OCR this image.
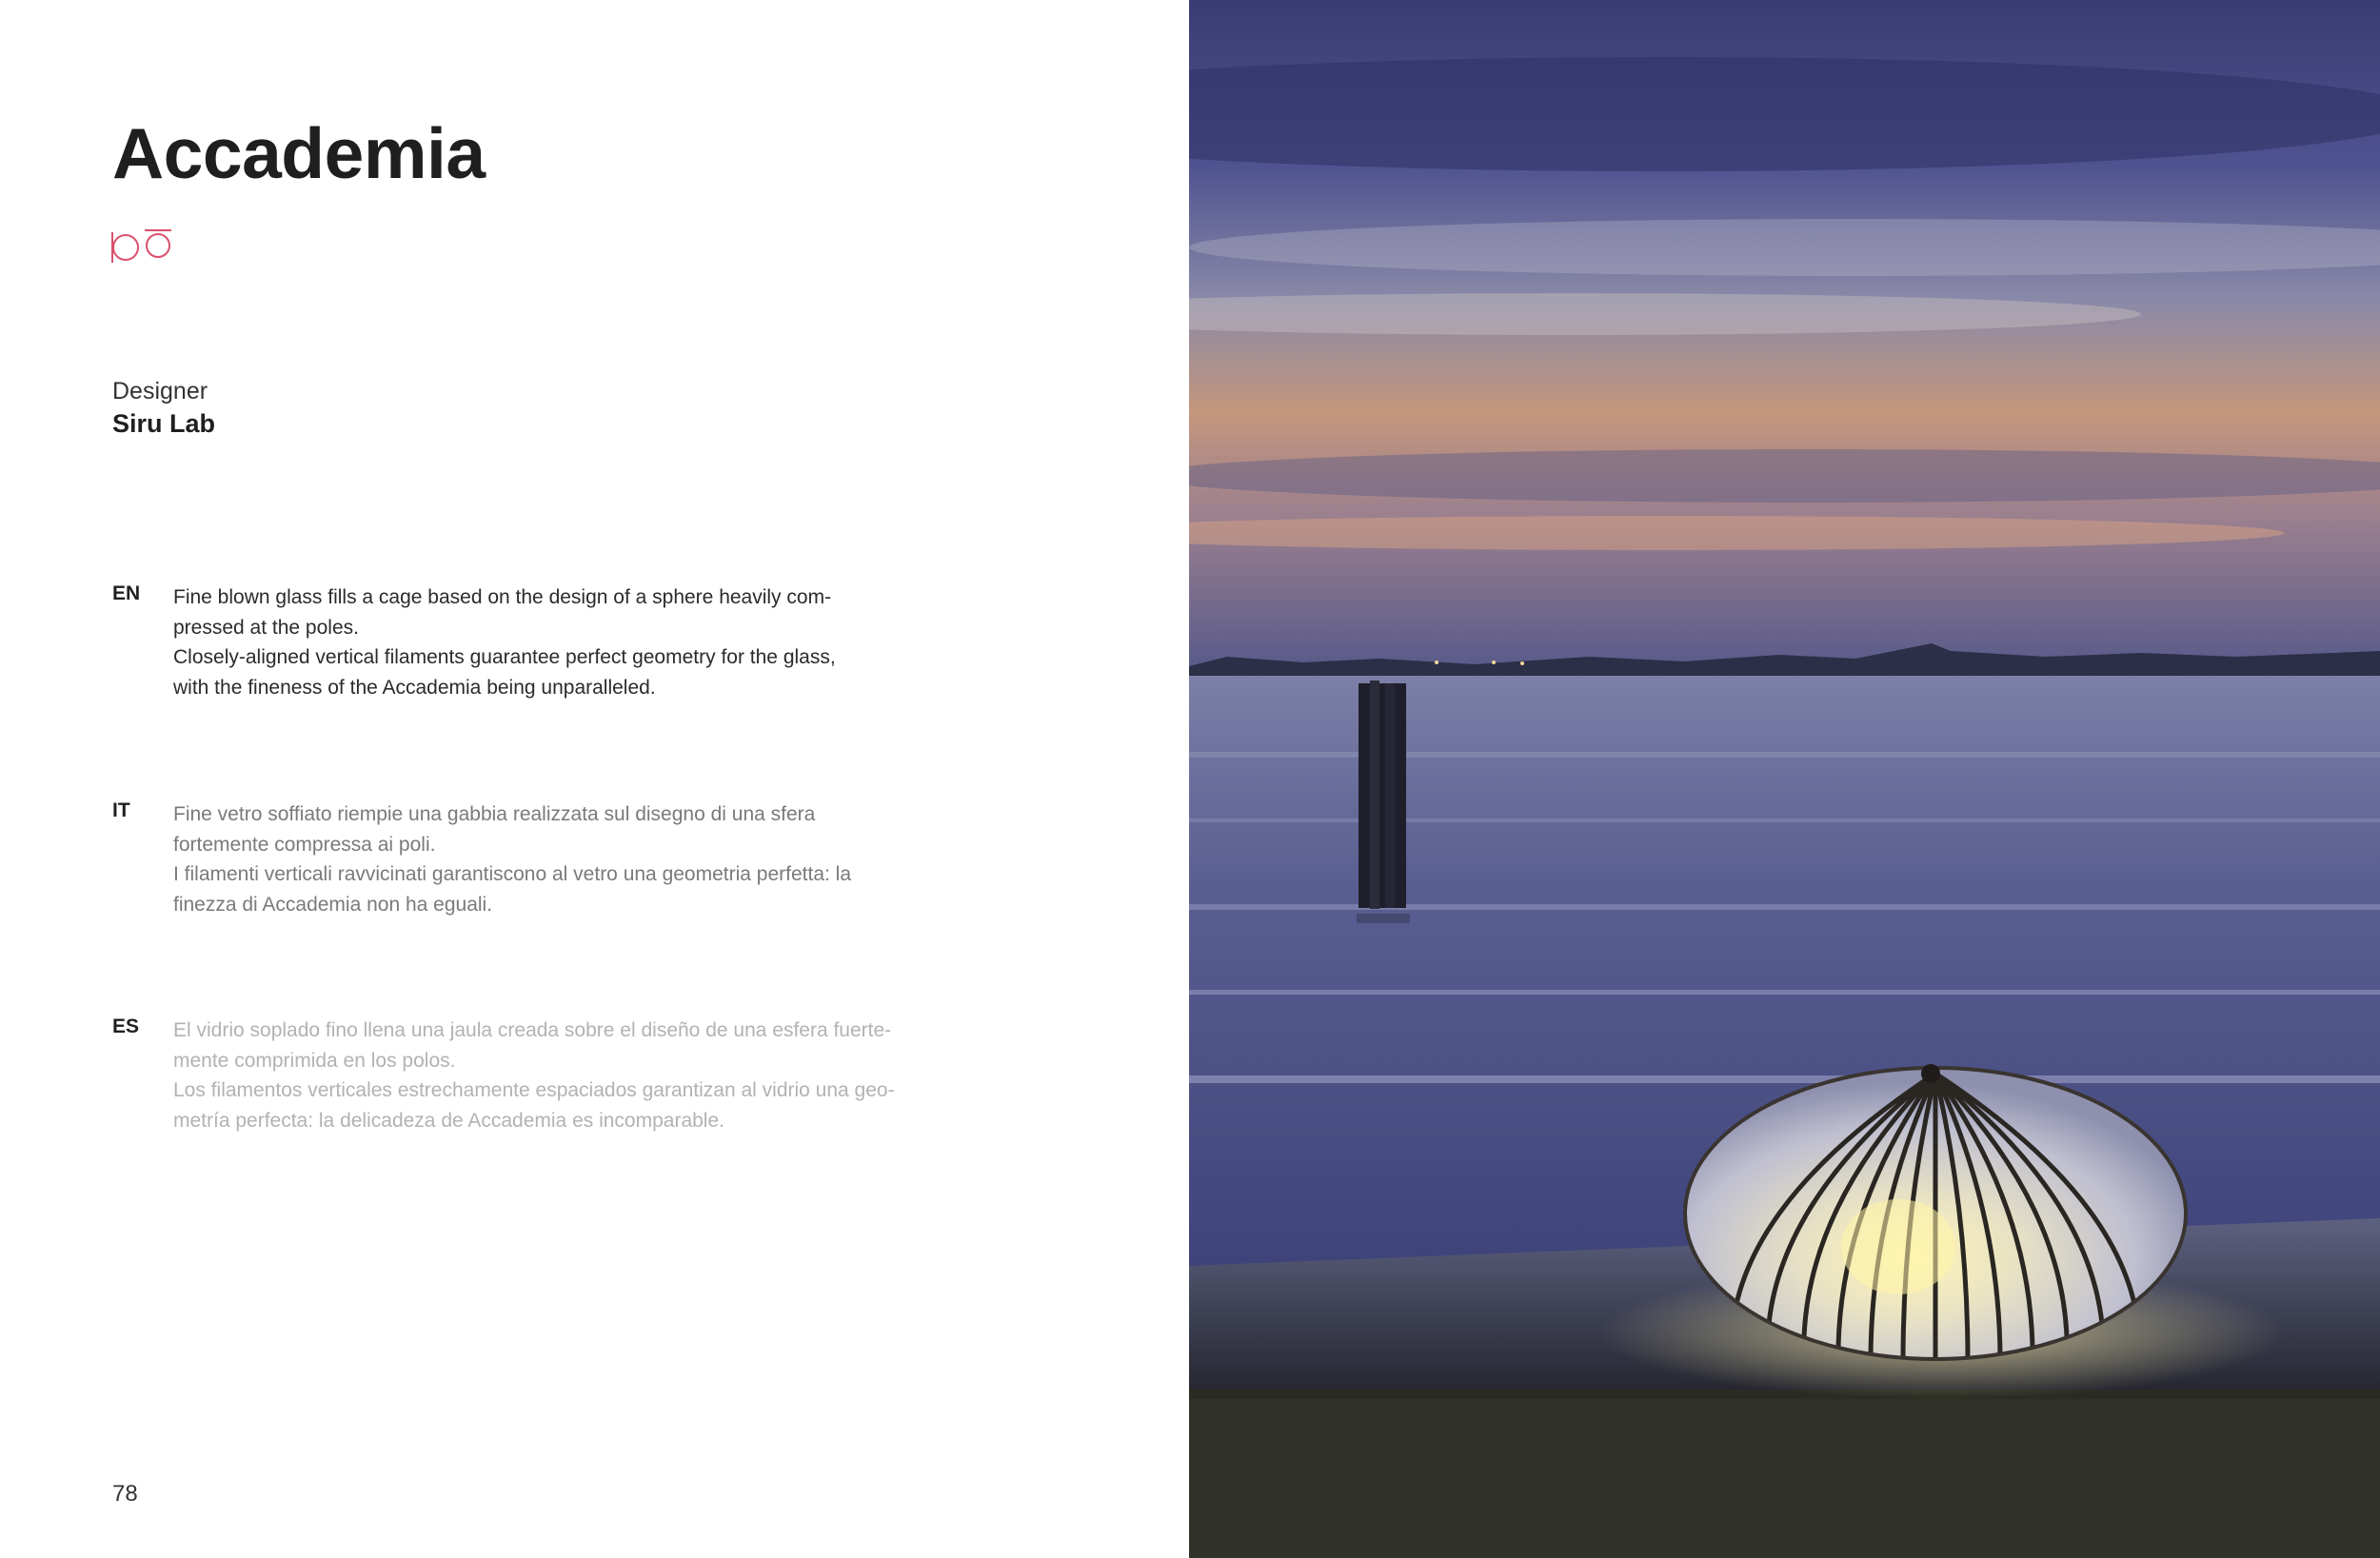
Accademia
Designer
Siru Lab
EN Fine blown glass fills a cage based on the design of a sphere heavily com-
pressed at the poles.
Closely-aligned vertical filaments guarantee perfect geometry for the glass,
with the fineness of the Accademia being unparalleled.
IT Fine vetro soffiato riempie una gabbia realizzata sul disegno di una sfera
fortemente compressa ai poli.
I filamenti verticali ravvicinati garantiscono al vetro una geometria perfetta: la
finezza di Accademia non ha eguali.
ES El vidrio soplado fino llena una jaula creada sobre el diseño de una esfera fuerte-
mente comprimida en los polos.
Los filamentos verticales estrechamente espaciados garantizan al vidrio una geo-
metría perfecta: la delicadeza de Accademia es incomparable.
78
